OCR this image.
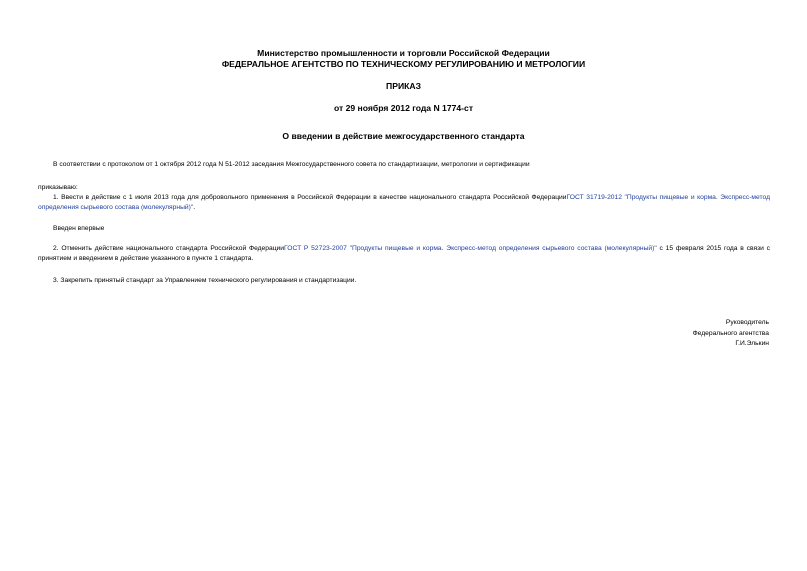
Министерство промышленности и торговли Российской Федерации
ФЕДЕРАЛЬНОЕ АГЕНТСТВО ПО ТЕХНИЧЕСКОМУ РЕГУЛИРОВАНИЮ И МЕТРОЛОГИИ
ПРИКАЗ
от 29 ноября 2012 года N 1774-ст
О введении в действие межгосударственного стандарта
В соответствии с протоколом от 1 октября 2012 года N 51-2012 заседания Межгосударственного совета по стандартизации, метрологии и сертификации
приказываю:
1. Ввести в действие с 1 июля 2013 года для добровольного применения в Российской Федерации в качестве национального стандарта Российской ФедерацииГОСТ 31719-2012 "Продукты пищевые и корма. Экспресс-метод определения сырьевого состава (молекулярный)".
Введен впервые
2. Отменить действие национального стандарта Российской ФедерацииГОСТ Р 52723-2007 "Продукты пищевые и корма. Экспресс-метод определения сырьевого состава (молекулярный)" с 15 февраля 2015 года в связи с принятием и введением в действие указанного в пункте 1 стандарта.
3. Закрепить принятый стандарт за Управлением технического регулирования и стандартизации.
Руководитель
Федерального агентства
Г.И.Элькин
